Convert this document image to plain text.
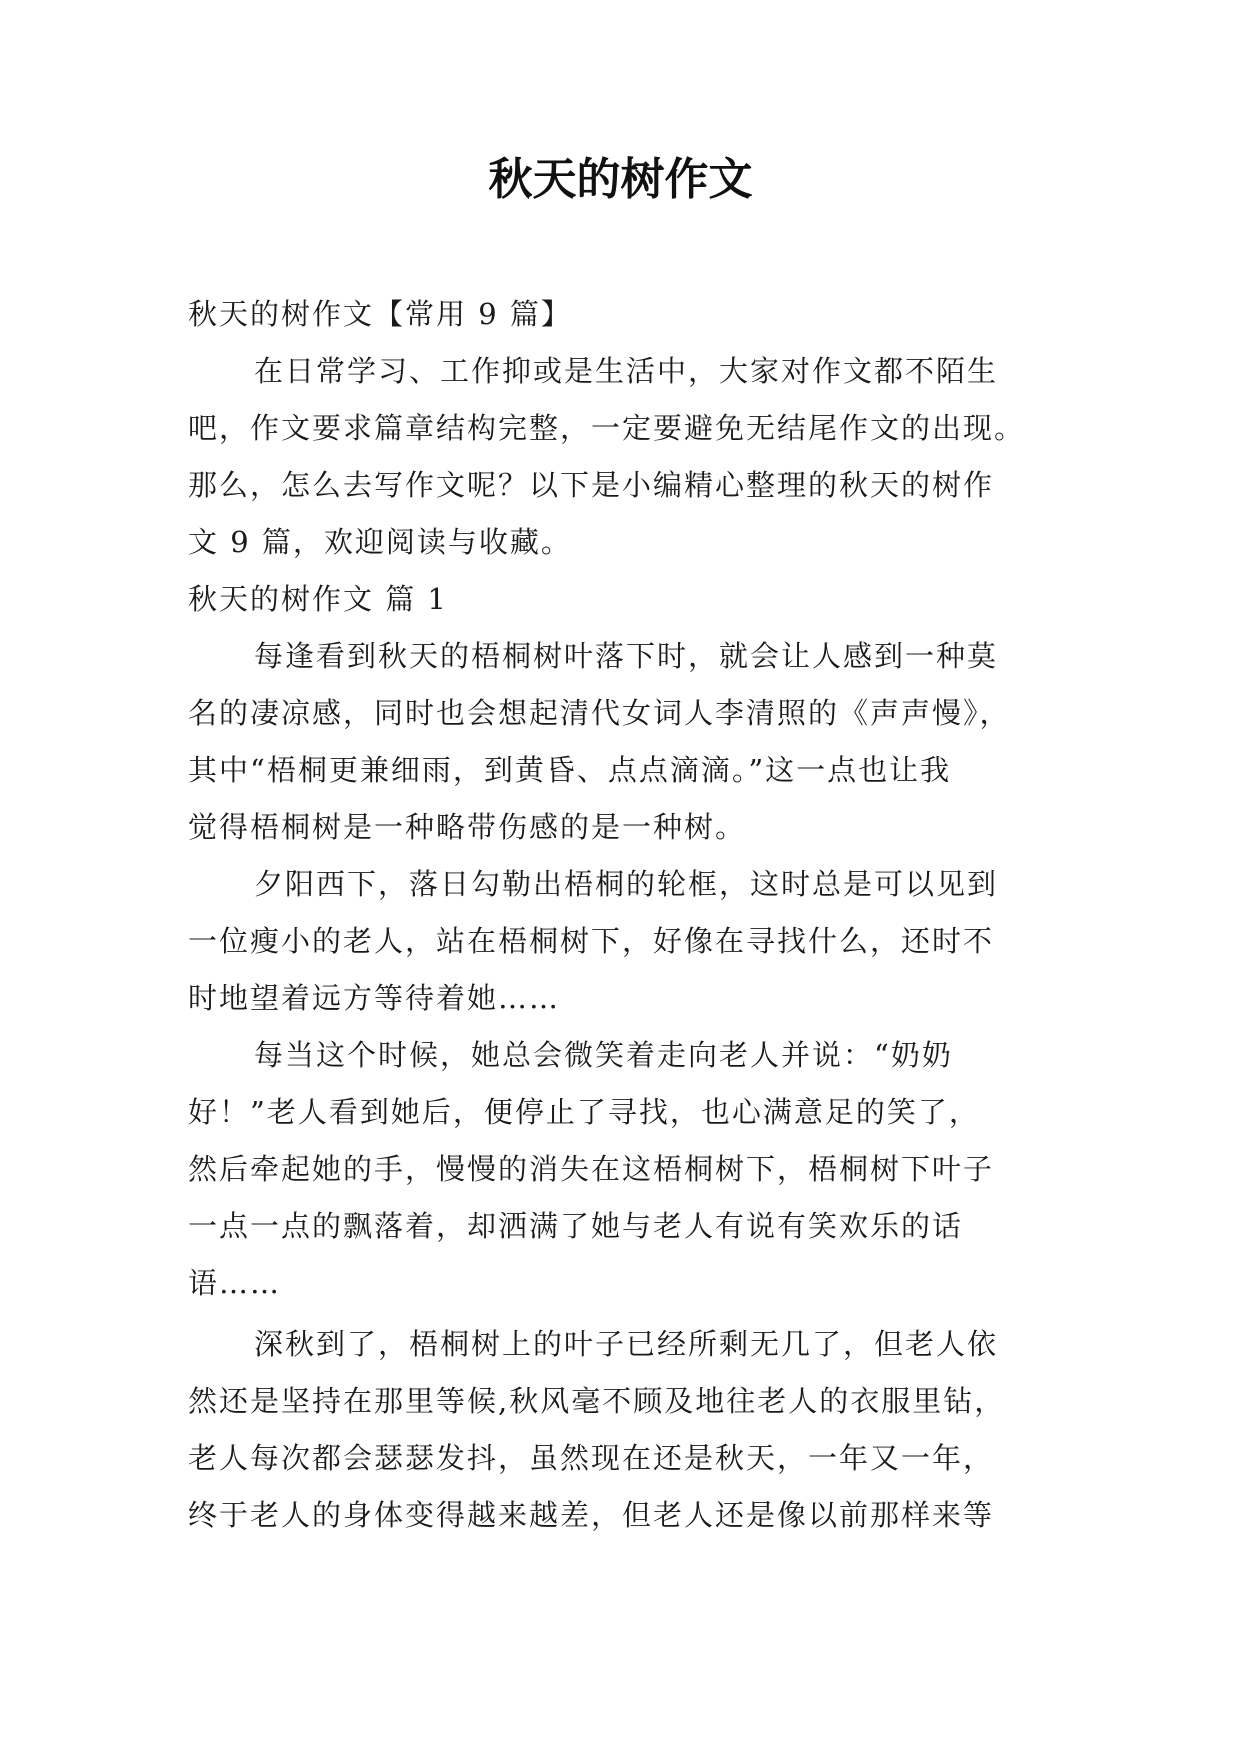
秋天的树作文
秋天的树作文【常用 9 篇】
在日常学习、工作抑或是生活中，大家对作文都不陌生
吧，作文要求篇章结构完整，一定要避免无结尾作文的出现。
那么，怎么去写作文呢？以下是小编精心整理的秋天的树作
文 9 篇，欢迎阅读与收藏。
秋天的树作文 篇 1
每逢看到秋天的梧桐树叶落下时，就会让人感到一种莫
名的凄凉感，同时也会想起清代女词人李清照的《声声慢》，
其中“梧桐更兼细雨，到黄昏、点点滴滴。”这一点也让我
觉得梧桐树是一种略带伤感的是一种树。
夕阳西下，落日勾勒出梧桐的轮框，这时总是可以见到
一位瘦小的老人，站在梧桐树下，好像在寻找什么，还时不
时地望着远方等待着她……
每当这个时候，她总会微笑着走向老人并说：“奶奶
好！”老人看到她后，便停止了寻找，也心满意足的笑了，
然后牵起她的手，慢慢的消失在这梧桐树下，梧桐树下叶子
一点一点的飘落着，却洒满了她与老人有说有笑欢乐的话
语……
深秋到了，梧桐树上的叶子已经所剩无几了，但老人依
然还是坚持在那里等候,秋风毫不顾及地往老人的衣服里钻，
老人每次都会瑟瑟发抖，虽然现在还是秋天，一年又一年，
终于老人的身体变得越来越差，但老人还是像以前那样来等
